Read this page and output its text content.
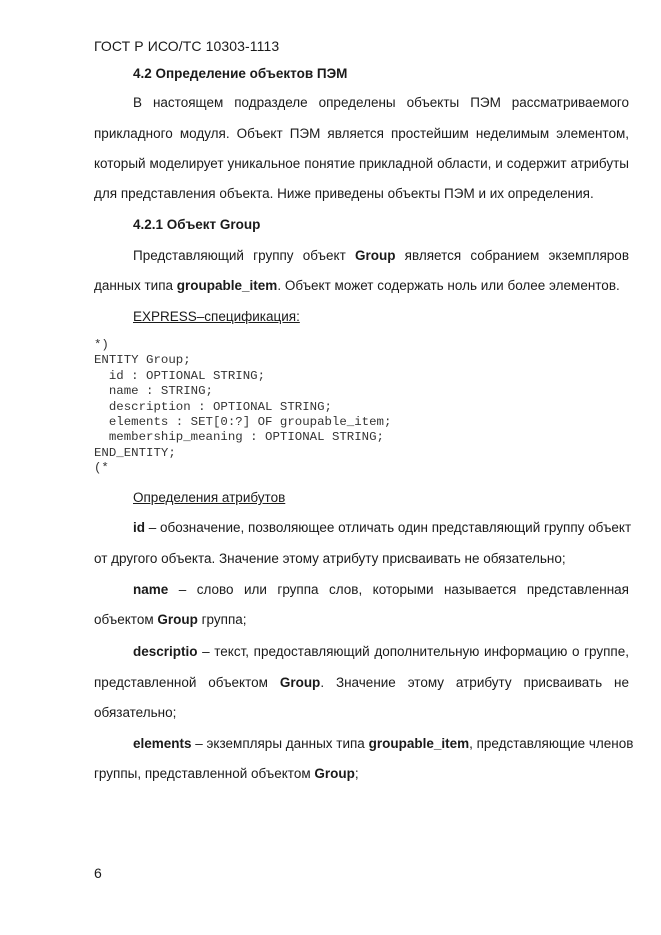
ГОСТ Р ИСО/ТС 10303-1113
4.2 Определение объектов ПЭМ
В настоящем подразделе определены объекты ПЭМ рассматриваемого
прикладного модуля. Объект ПЭМ является простейшим неделимым элементом,
который моделирует уникальное понятие прикладной области, и содержит атрибуты
для представления объекта. Ниже приведены объекты ПЭМ и их определения.
4.2.1 Объект Group
Представляющий группу объект Group является собранием экземпляров
данных типа groupable_item. Объект может содержать ноль или более элементов.
EXPRESS–спецификация:
*)
ENTITY Group;
id : OPTIONAL STRING;
name : STRING;
description : OPTIONAL STRING;
elements : SET[0:?] OF groupable_item;
membership_meaning : OPTIONAL STRING;
END_ENTITY;
(*
Определения атрибутов
id – обозначение, позволяющее отличать один представляющий группу объект
от другого объекта. Значение этому атрибуту присваивать не обязательно;
name – слово или группа слов, которыми называется представленная
объектом Group группа;
descriptio – текст, предоставляющий дополнительную информацию о группе,
представленной объектом Group. Значение этому атрибуту присваивать не
обязательно;
elements – экземпляры данных типа groupable_item, представляющие членов
группы, представленной объектом Group;
6
